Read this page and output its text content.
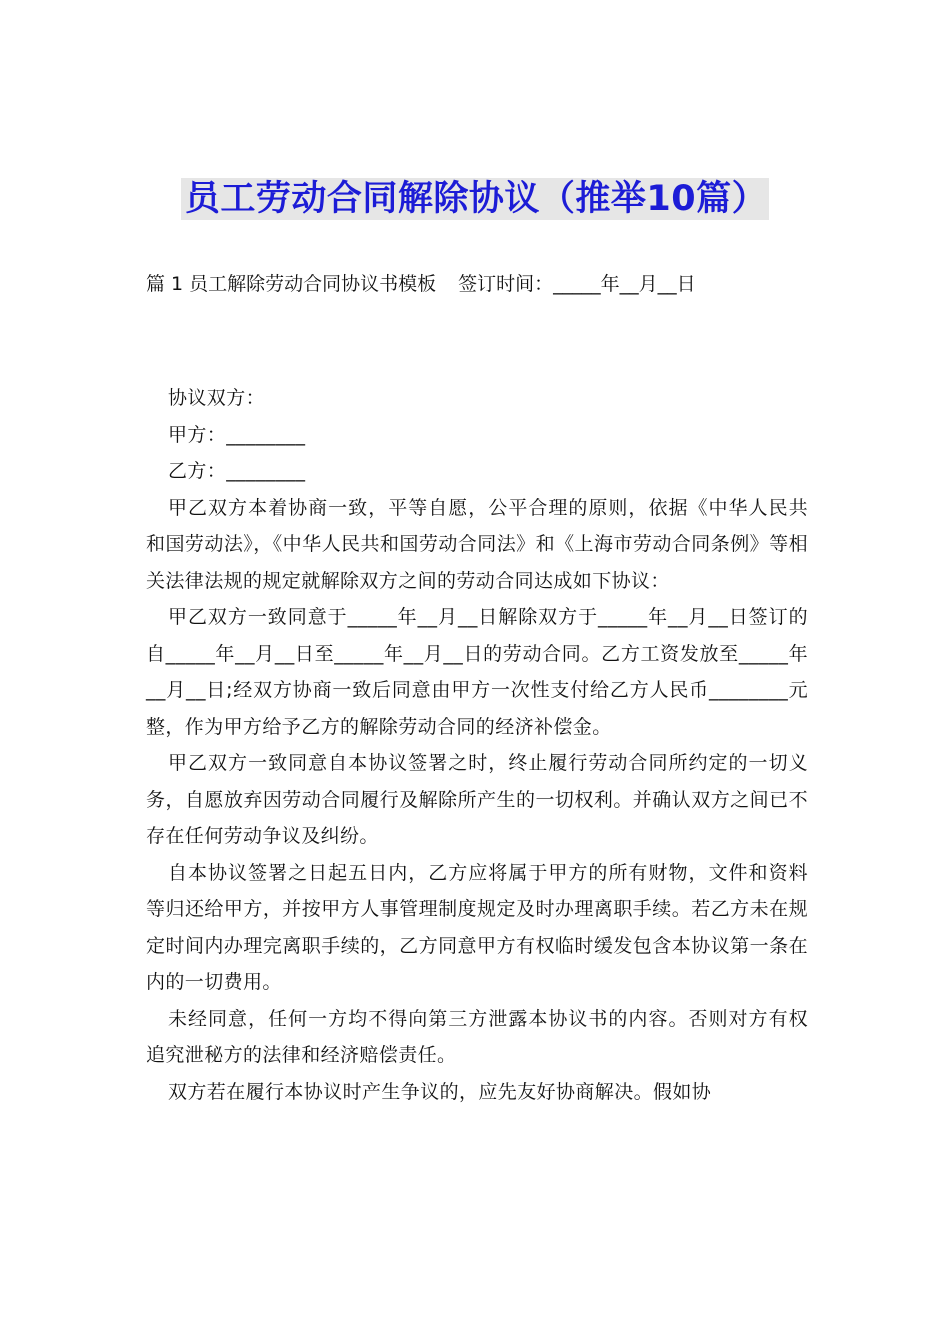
员工劳动合同解除协议（推举10篇）
篇 1 员工解除劳动合同协议书模板 签订时间：_____年__月__日

协议双方：

甲方：________

乙方：________

甲乙双方本着协商一致，平等自愿，公平合理的原则，依据《中华人民共和国劳动法》，《中华人民共和国劳动合同法》和《上海市劳动合同条例》等相关法律法规的规定就解除双方之间的劳动合同达成如下协议：

甲乙双方一致同意于_____年__月__日解除双方于_____年__月__日签订的自_____年__月__日至_____年__月__日的劳动合同。乙方工资发放至_____年__月__日;经双方协商一致后同意由甲方一次性支付给乙方人民币________元整，作为甲方给予乙方的解除劳动合同的经济补偿金。

甲乙双方一致同意自本协议签署之时，终止履行劳动合同所约定的一切义务，自愿放弃因劳动合同履行及解除所产生的一切权利。并确认双方之间已不存在任何劳动争议及纠纷。

自本协议签署之日起五日内，乙方应将属于甲方的所有财物，文件和资料等归还给甲方，并按甲方人事管理制度规定及时办理离职手续。若乙方未在规定时间内办理完离职手续的，乙方同意甲方有权临时缓发包含本协议第一条在内的一切费用。

未经同意，任何一方均不得向第三方泄露本协议书的内容。否则对方有权追究泄秘方的法律和经济赔偿责任。

双方若在履行本协议时产生争议的，应先友好协商解决。假如协
